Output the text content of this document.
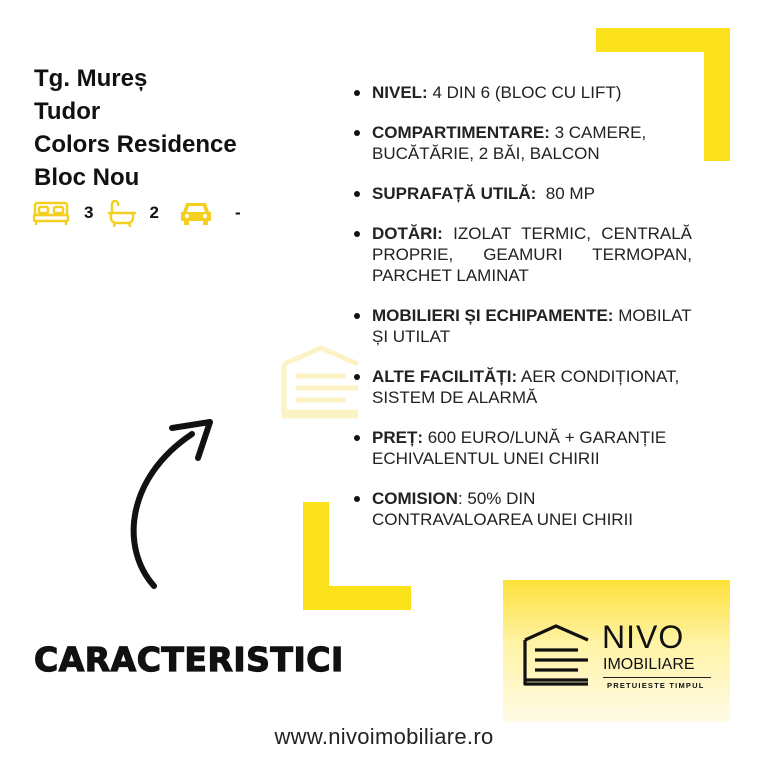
Tg. Mureș
Tudor
Colors Residence
Bloc Nou
3	2	-
NIVEL: 4 DIN 6 (BLOC CU LIFT)
COMPARTIMENTARE: 3 CAMERE, BUCĂTĂRIE, 2 BĂI, BALCON
SUPRAFAȚĂ UTILĂ:  80 MP
DOTĂRI: IZOLAT TERMIC, CENTRALĂ PROPRIE, GEAMURI TERMOPAN, PARCHET LAMINAT
MOBILIERI ȘI ECHIPAMENTE: MOBILAT ȘI UTILAT
ALTE FACILITĂȚI: AER CONDIȚIONAT, SISTEM DE ALARMĂ
PREȚ: 600 EURO/LUNĂ + GARANȚIE ECHIVALENTUL UNEI CHIRII
COMISION: 50% DIN CONTRAVALOAREA UNEI CHIRII
CARACTERISTICI
NIVO
IMOBILIARE
PRETUIESTE TIMPUL
www.nivoimobiliare.ro
